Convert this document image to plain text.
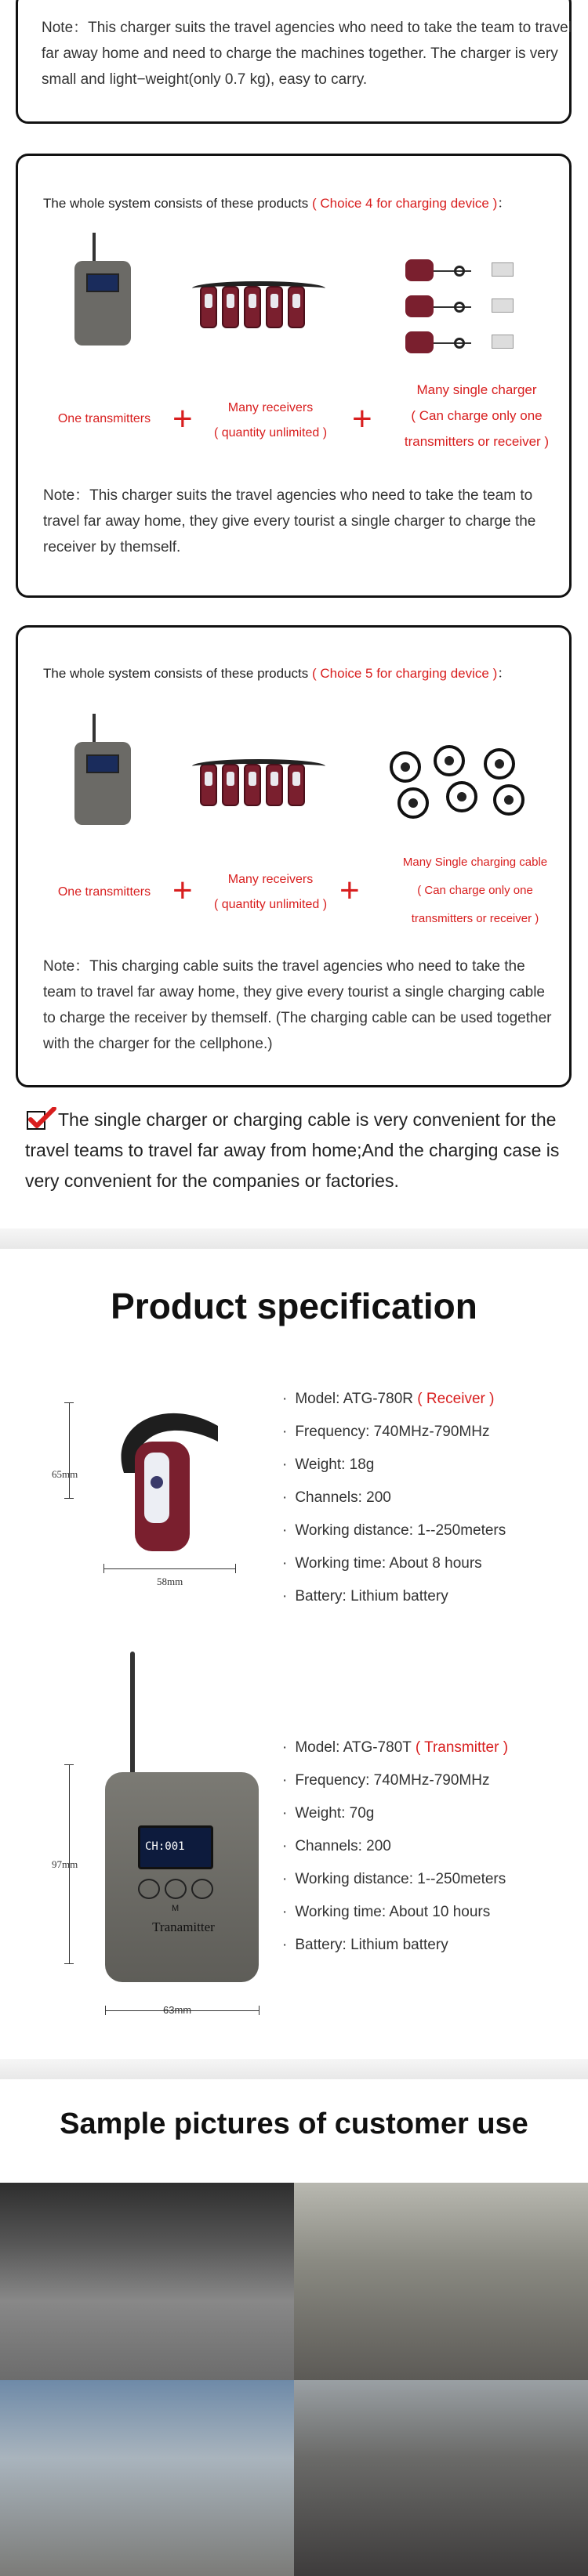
Note：This charger suits the travel agencies who need to take the team to travel far away home and need to charge the machines together. The charger is very small and light−weight(only 0.7 kg), easy to carry.

The whole system consists of these products ( Choice 4 for charging device )：
One transmitters +	Many receivers
( quantity unlimited ) +
Many single charger
( Can charge only one
transmitters or receiver )

Note：This charger suits the travel agencies who need to take the team to travel far away home, they give every tourist a single charger to charge the receiver by themself.

The whole system consists of these products ( Choice 5 for charging device )：
One transmitters +	Many receivers
( quantity unlimited ) +
Many Single charging cable
( Can charge only one
transmitters or receiver )

Note：This charging cable suits the travel agencies who need to take the team to travel far away home, they give every tourist a single charging cable to charge the receiver by themself. (The charging cable can be used together with the charger for the cellphone.)

The single charger or charging cable is very convenient for the travel teams to travel far away from home;And the charging case is very convenient for the companies or factories.

Product specification
65mm
58mm
· Model: ATG-780R ( Receiver )
· Frequency: 740MHz-790MHz
· Weight: 18g
· Channels: 200
· Working distance: 1--250meters
· Working time: About 8 hours
· Battery: Lithium battery
97mm
CH:001
M
Tranamitter
63mm
· Model: ATG-780T ( Transmitter )
· Frequency: 740MHz-790MHz
· Weight: 70g
· Channels: 200
· Working distance: 1--250meters
· Working time: About 10 hours
· Battery: Lithium battery
Sample pictures of customer use
